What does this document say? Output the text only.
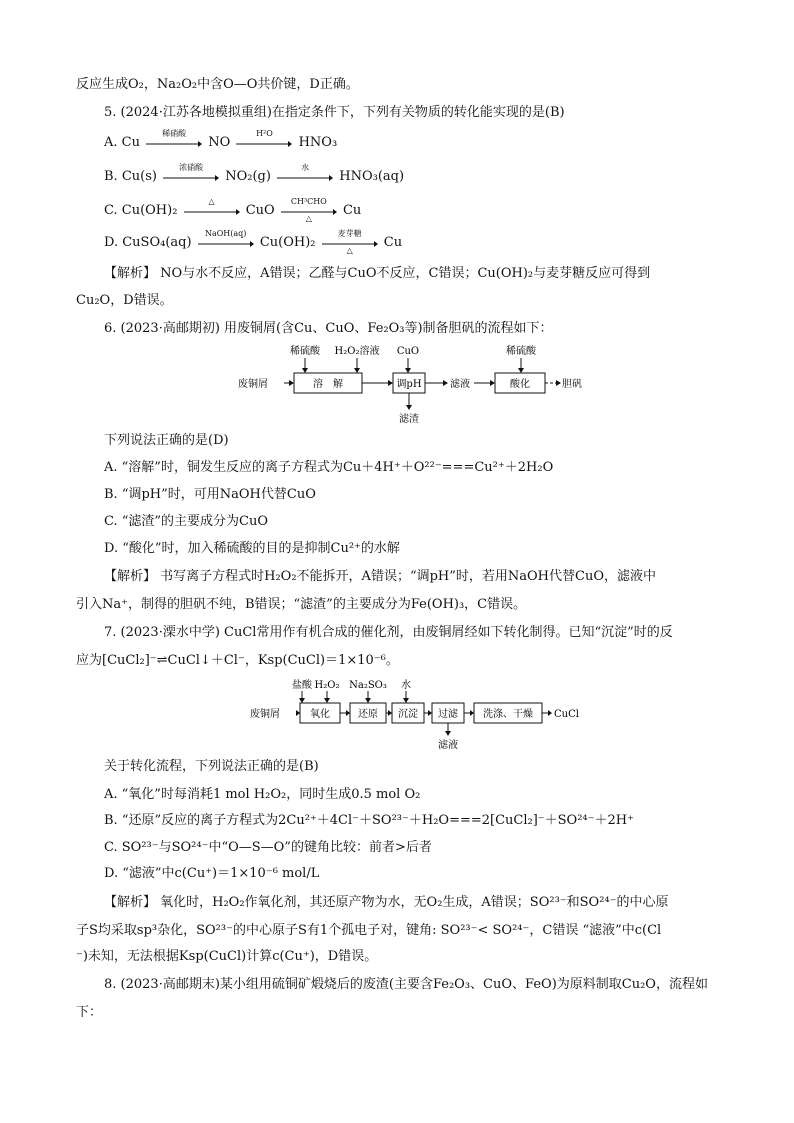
反应生成O₂，Na₂O₂中含O—O共价键，D正确。
5. (2024·江苏各地模拟重组)在指定条件下，下列有关物质的转化能实现的是(B)
A. Cu
稀硝酸
NO
H²O
HNO₃
B. Cu(s)
浓硝酸
NO₂(g)
水
HNO₃(aq)
C. Cu(OH)₂
△
CuO
CH³CHO
△	Cu
D. CuSO₄(aq)
NaOH(aq)
Cu(OH)₂
麦芽糖
△	Cu
【解析】 NO与水不反应，A错误；乙醛与CuO不反应，C错误；Cu(OH)₂与麦芽糖反应可得到
Cu₂O，D错误。
6. (2023·高邮期初) 用废铜屑(含Cu、CuO、Fe₂O₃等)制备胆矾的流程如下：
稀硫酸 H₂O₂溶液 CuO	稀硫酸
废铜屑	溶　解	调pH	滤液	酸化	胆矾
滤渣
下列说法正确的是(D)
A. “溶解”时，铜发生反应的离子方程式为Cu＋4H⁺＋O²²⁻===Cu²⁺＋2H₂O
B. “调pH”时，可用NaOH代替CuO
C. “滤渣”的主要成分为CuO
D. “酸化”时，加入稀硫酸的目的是抑制Cu²⁺的水解
【解析】 书写离子方程式时H₂O₂不能拆开，A错误；“调pH”时，若用NaOH代替CuO，滤液中
引入Na⁺，制得的胆矾不纯，B错误；“滤渣”的主要成分为Fe(OH)₃，C错误。
7. (2023·溧水中学) CuCl常用作有机合成的催化剂，由废铜屑经如下转化制得。已知“沉淀”时的反
应为[CuCl₂]⁻⇌CuCl↓＋Cl⁻，Ksp(CuCl)＝1×10⁻⁶。
盐酸 H₂O₂ Na₂SO₃ 水
废铜屑	氧化	还原 沉淀 过滤	洗涤、干燥 CuCl
滤液
关于转化流程，下列说法正确的是(B)
A. “氧化”时每消耗1 mol H₂O₂，同时生成0.5 mol O₂
B. “还原”反应的离子方程式为2Cu²⁺＋4Cl⁻＋SO²³⁻＋H₂O===2[CuCl₂]⁻＋SO²⁴⁻＋2H⁺
C. SO²³⁻与SO²⁴⁻中“O—S—O”的键角比较：前者>后者
D. “滤液”中c(Cu⁺)＝1×10⁻⁶ mol/L
【解析】 氧化时，H₂O₂作氧化剂，其还原产物为水，无O₂生成，A错误；SO²³⁻和SO²⁴⁻的中心原
子S均采取sp³杂化，SO²³⁻的中心原子S有1个孤电子对，键角: SO²³⁻< SO²⁴⁻，C错误 “滤液”中c(Cl
⁻)未知，无法根据Ksp(CuCl)计算c(Cu⁺)，D错误。
8. (2023·高邮期末)某小组用硫铜矿煅烧后的废渣(主要含Fe₂O₃、CuO、FeO)为原料制取Cu₂O，流程如
下：
